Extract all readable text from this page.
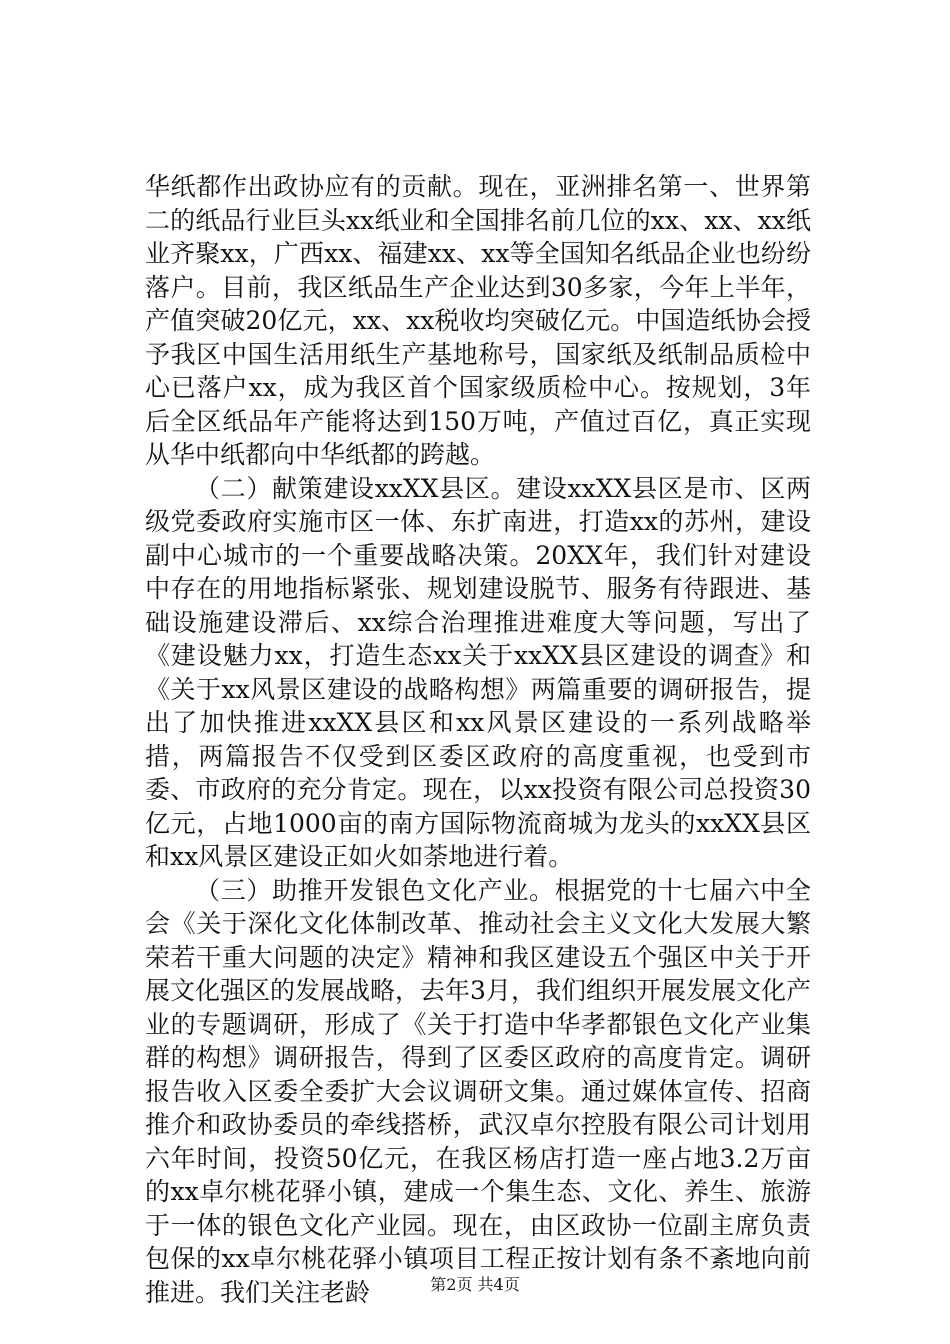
华纸都作出政协应有的贡献。现在，亚洲排名第一、世界第二的纸品行业巨头xx纸业和全国排名前几位的xx、xx、xx纸业齐聚xx，广西xx、福建xx、xx等全国知名纸品企业也纷纷落户。目前，我区纸品生产企业达到30多家，今年上半年，产值突破20亿元，xx、xx税收均突破亿元。中国造纸协会授予我区中国生活用纸生产基地称号，国家纸及纸制品质检中心已落户xx，成为我区首个国家级质检中心。按规划，3年后全区纸品年产能将达到150万吨，产值过百亿，真正实现从华中纸都向中华纸都的跨越。

（二）献策建设xxXX县区。建设xxXX县区是市、区两级党委政府实施市区一体、东扩南进，打造xx的苏州，建设副中心城市的一个重要战略决策。20XX年，我们针对建设中存在的用地指标紧张、规划建设脱节、服务有待跟进、基础设施建设滞后、xx综合治理推进难度大等问题，写出了《建设魅力xx，打造生态xx关于xxXX县区建设的调查》和《关于xx风景区建设的战略构想》两篇重要的调研报告，提出了加快推进xxXX县区和xx风景区建设的一系列战略举措，两篇报告不仅受到区委区政府的高度重视，也受到市委、市政府的充分肯定。现在，以xx投资有限公司总投资30亿元，占地1000亩的南方国际物流商城为龙头的xxXX县区和xx风景区建设正如火如荼地进行着。

（三）助推开发银色文化产业。根据党的十七届六中全会《关于深化文化体制改革、推动社会主义文化大发展大繁荣若干重大问题的决定》精神和我区建设五个强区中关于开展文化强区的发展战略，去年3月，我们组织开展发展文化产业的专题调研，形成了《关于打造中华孝都银色文化产业集群的构想》调研报告，得到了区委区政府的高度肯定。调研报告收入区委全委扩大会议调研文集。通过媒体宣传、招商推介和政协委员的牵线搭桥，武汉卓尔控股有限公司计划用六年时间，投资50亿元，在我区杨店打造一座占地3.2万亩的xx卓尔桃花驿小镇，建成一个集生态、文化、养生、旅游于一体的银色文化产业园。现在，由区政协一位副主席负责包保的xx卓尔桃花驿小镇项目工程正按计划有条不紊地向前推进。我们关注老龄	第2页 共4页
